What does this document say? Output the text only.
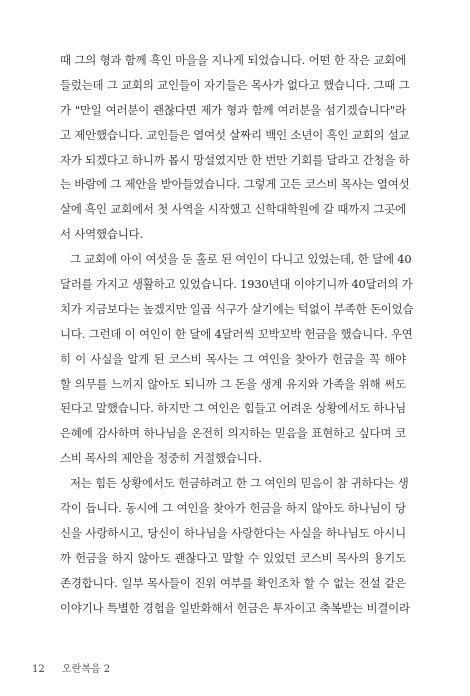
때 그의 형과 함께 흑인 마을을 지나게 되었습니다. 어떤 한 작은 교회에
들렀는데 그 교회의 교인들이 자기들은 목사가 없다고 했습니다. 그때 그
가 "만일 여러분이 괜찮다면 제가 형과 함께 여러분을 섬기겠습니다"라
고 제안했습니다. 교인들은 열여섯 살짜리 백인 소년이 흑인 교회의 설교
자가 되겠다고 하니까 몹시 망설였지만 한 번만 기회를 달라고 간청을 하
는 바람에 그 제안을 받아들였습니다. 그렇게 고든 코스비 목사는 열여섯
살에 흑인 교회에서 첫 사역을 시작했고 신학대학원에 갈 때까지 그곳에
서 사역했습니다.
그 교회에 아이 여섯을 둔 홀로 된 여인이 다니고 있었는데, 한 달에 40
달러를 가지고 생활하고 있었습니다. 1930년대 이야기니까 40달러의 가
치가 지금보다는 높겠지만 일곱 식구가 살기에는 턱없이 부족한 돈이었습
니다. 그런데 이 여인이 한 달에 4달러씩 꼬박꼬박 헌금을 했습니다. 우연
히 이 사실을 알게 된 코스비 목사는 그 여인을 찾아가 헌금을 꼭 해야
할 의무를 느끼지 않아도 되니까 그 돈을 생계 유지와 가족을 위해 써도
된다고 말했습니다. 하지만 그 여인은 힘들고 어려운 상황에서도 하나님
은혜에 감사하며 하나님을 온전히 의지하는 믿음을 표현하고 싶다며 코
스비 목사의 제안을 정중히 거절했습니다.
저는 힘든 상황에서도 헌금하려고 한 그 여인의 믿음이 참 귀하다는 생
각이 듭니다. 동시에 그 여인을 찾아가 헌금을 하지 않아도 하나님이 당
신을 사랑하시고, 당신이 하나님을 사랑한다는 사실을 하나님도 아시니
까 헌금을 하지 않아도 괜찮다고 말할 수 있었던 코스비 목사의 용기도
존경합니다. 일부 목사들이 진위 여부를 확인조차 할 수 없는 전설 같은
이야기나 특별한 경험을 일반화해서 헌금은 투자이고 축복받는 비결이라
12 오란복음 2
